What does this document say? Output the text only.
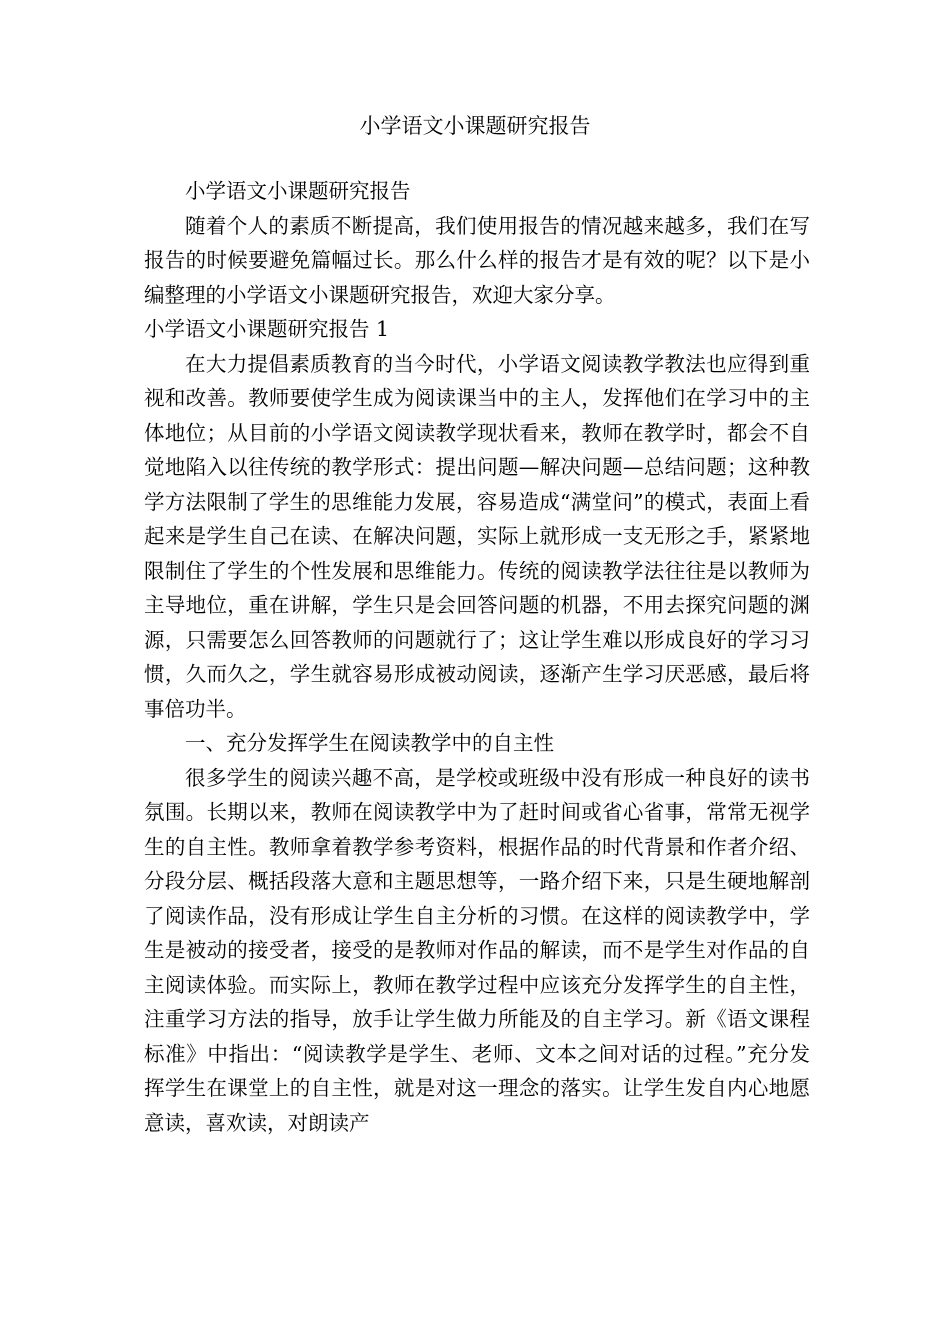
小学语文小课题研究报告

小学语文小课题研究报告

随着个人的素质不断提高，我们使用报告的情况越来越多，我们在写报告的时候要避免篇幅过长。那么什么样的报告才是有效的呢？以下是小编整理的小学语文小课题研究报告，欢迎大家分享。

小学语文小课题研究报告 1

在大力提倡素质教育的当今时代，小学语文阅读教学教法也应得到重视和改善。教师要使学生成为阅读课当中的主人，发挥他们在学习中的主体地位；从目前的小学语文阅读教学现状看来，教师在教学时，都会不自觉地陷入以往传统的教学形式：提出问题—解决问题—总结问题；这种教学方法限制了学生的思维能力发展，容易造成“满堂问”的模式，表面上看起来是学生自己在读、在解决问题，实际上就形成一支无形之手，紧紧地限制住了学生的个性发展和思维能力。传统的阅读教学法往往是以教师为主导地位，重在讲解，学生只是会回答问题的机器，不用去探究问题的渊源，只需要怎么回答教师的问题就行了；这让学生难以形成良好的学习习惯，久而久之，学生就容易形成被动阅读，逐渐产生学习厌恶感，最后将事倍功半。

一、充分发挥学生在阅读教学中的自主性

很多学生的阅读兴趣不高，是学校或班级中没有形成一种良好的读书氛围。长期以来，教师在阅读教学中为了赶时间或省心省事，常常无视学生的自主性。教师拿着教学参考资料，根据作品的时代背景和作者介绍、分段分层、概括段落大意和主题思想等，一路介绍下来，只是生硬地解剖了阅读作品，没有形成让学生自主分析的习惯。在这样的阅读教学中，学生是被动的接受者，接受的是教师对作品的解读，而不是学生对作品的自主阅读体验。而实际上，教师在教学过程中应该充分发挥学生的自主性，注重学习方法的指导，放手让学生做力所能及的自主学习。新《语文课程标准》中指出：“阅读教学是学生、老师、文本之间对话的过程。”充分发挥学生在课堂上的自主性，就是对这一理念的落实。让学生发自内心地愿意读，喜欢读，对朗读产
